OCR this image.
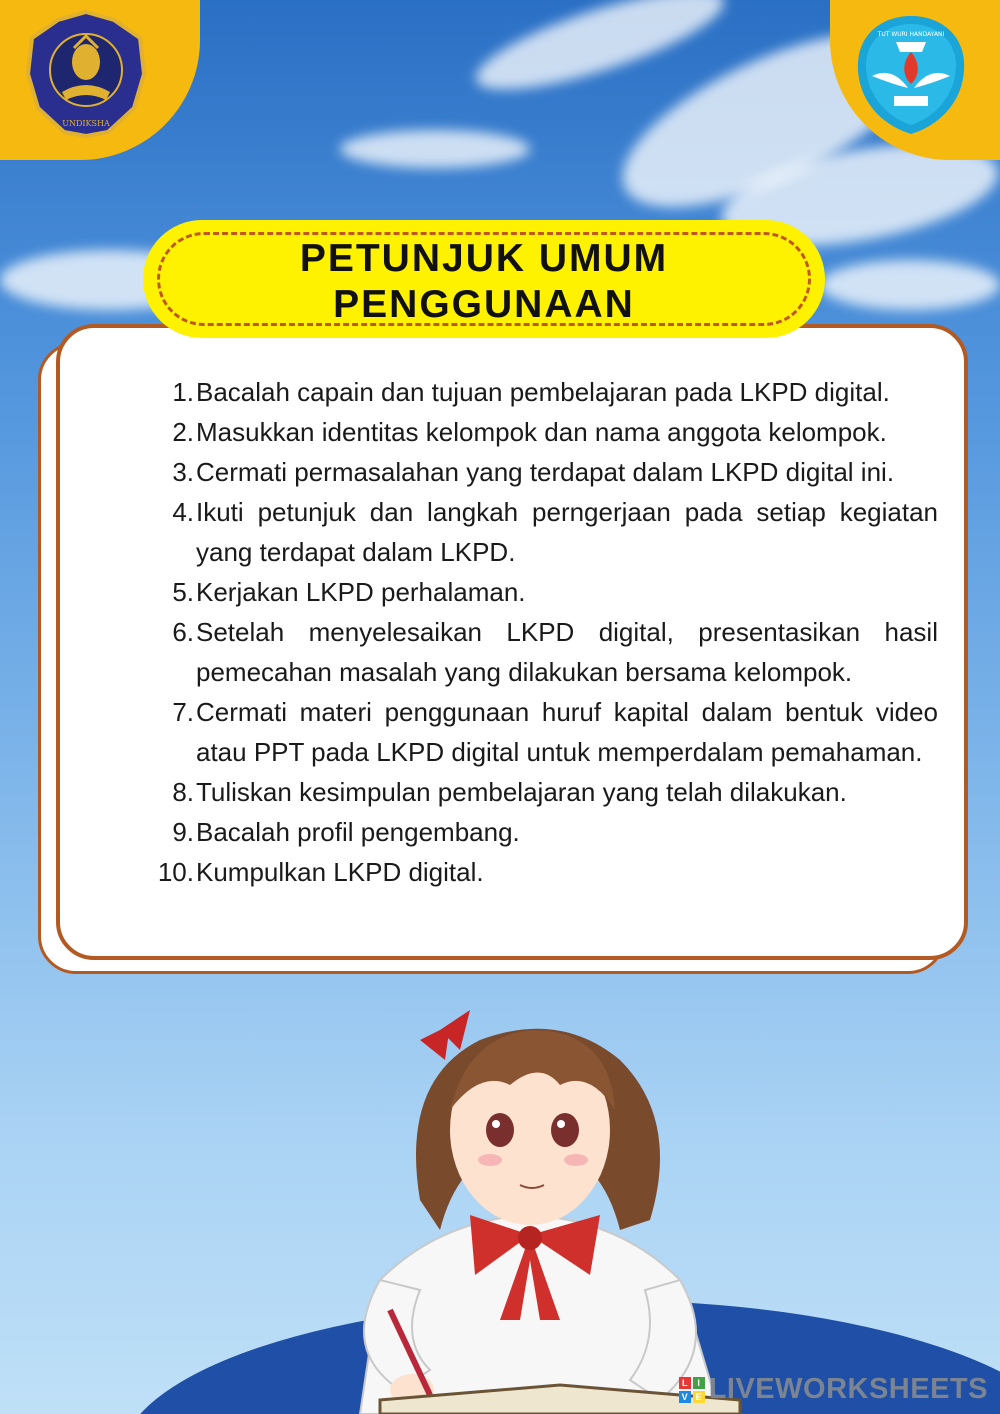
UNDIKSHA
TUT WURI HANDAYANI
PETUNJUK UMUM
PENGGUNAAN
1. Bacalah capain dan tujuan pembelajaran pada LKPD digital.
2. Masukkan identitas kelompok dan nama anggota kelompok.
3. Cermati permasalahan yang terdapat dalam LKPD digital ini.
4. Ikuti petunjuk dan langkah perngerjaan pada setiap kegiatan yang terdapat dalam LKPD.
5. Kerjakan LKPD perhalaman.
6. Setelah menyelesaikan LKPD digital, presentasikan hasil pemecahan masalah yang dilakukan bersama kelompok.
7. Cermati materi penggunaan huruf kapital dalam bentuk video atau PPT pada LKPD digital untuk memperdalam pemahaman.
8. Tuliskan kesimpulan pembelajaran yang telah dilakukan.
9. Bacalah profil pengembang.
10. Kumpulkan LKPD digital.
L	I
V E LIVEWORKSHEETS
